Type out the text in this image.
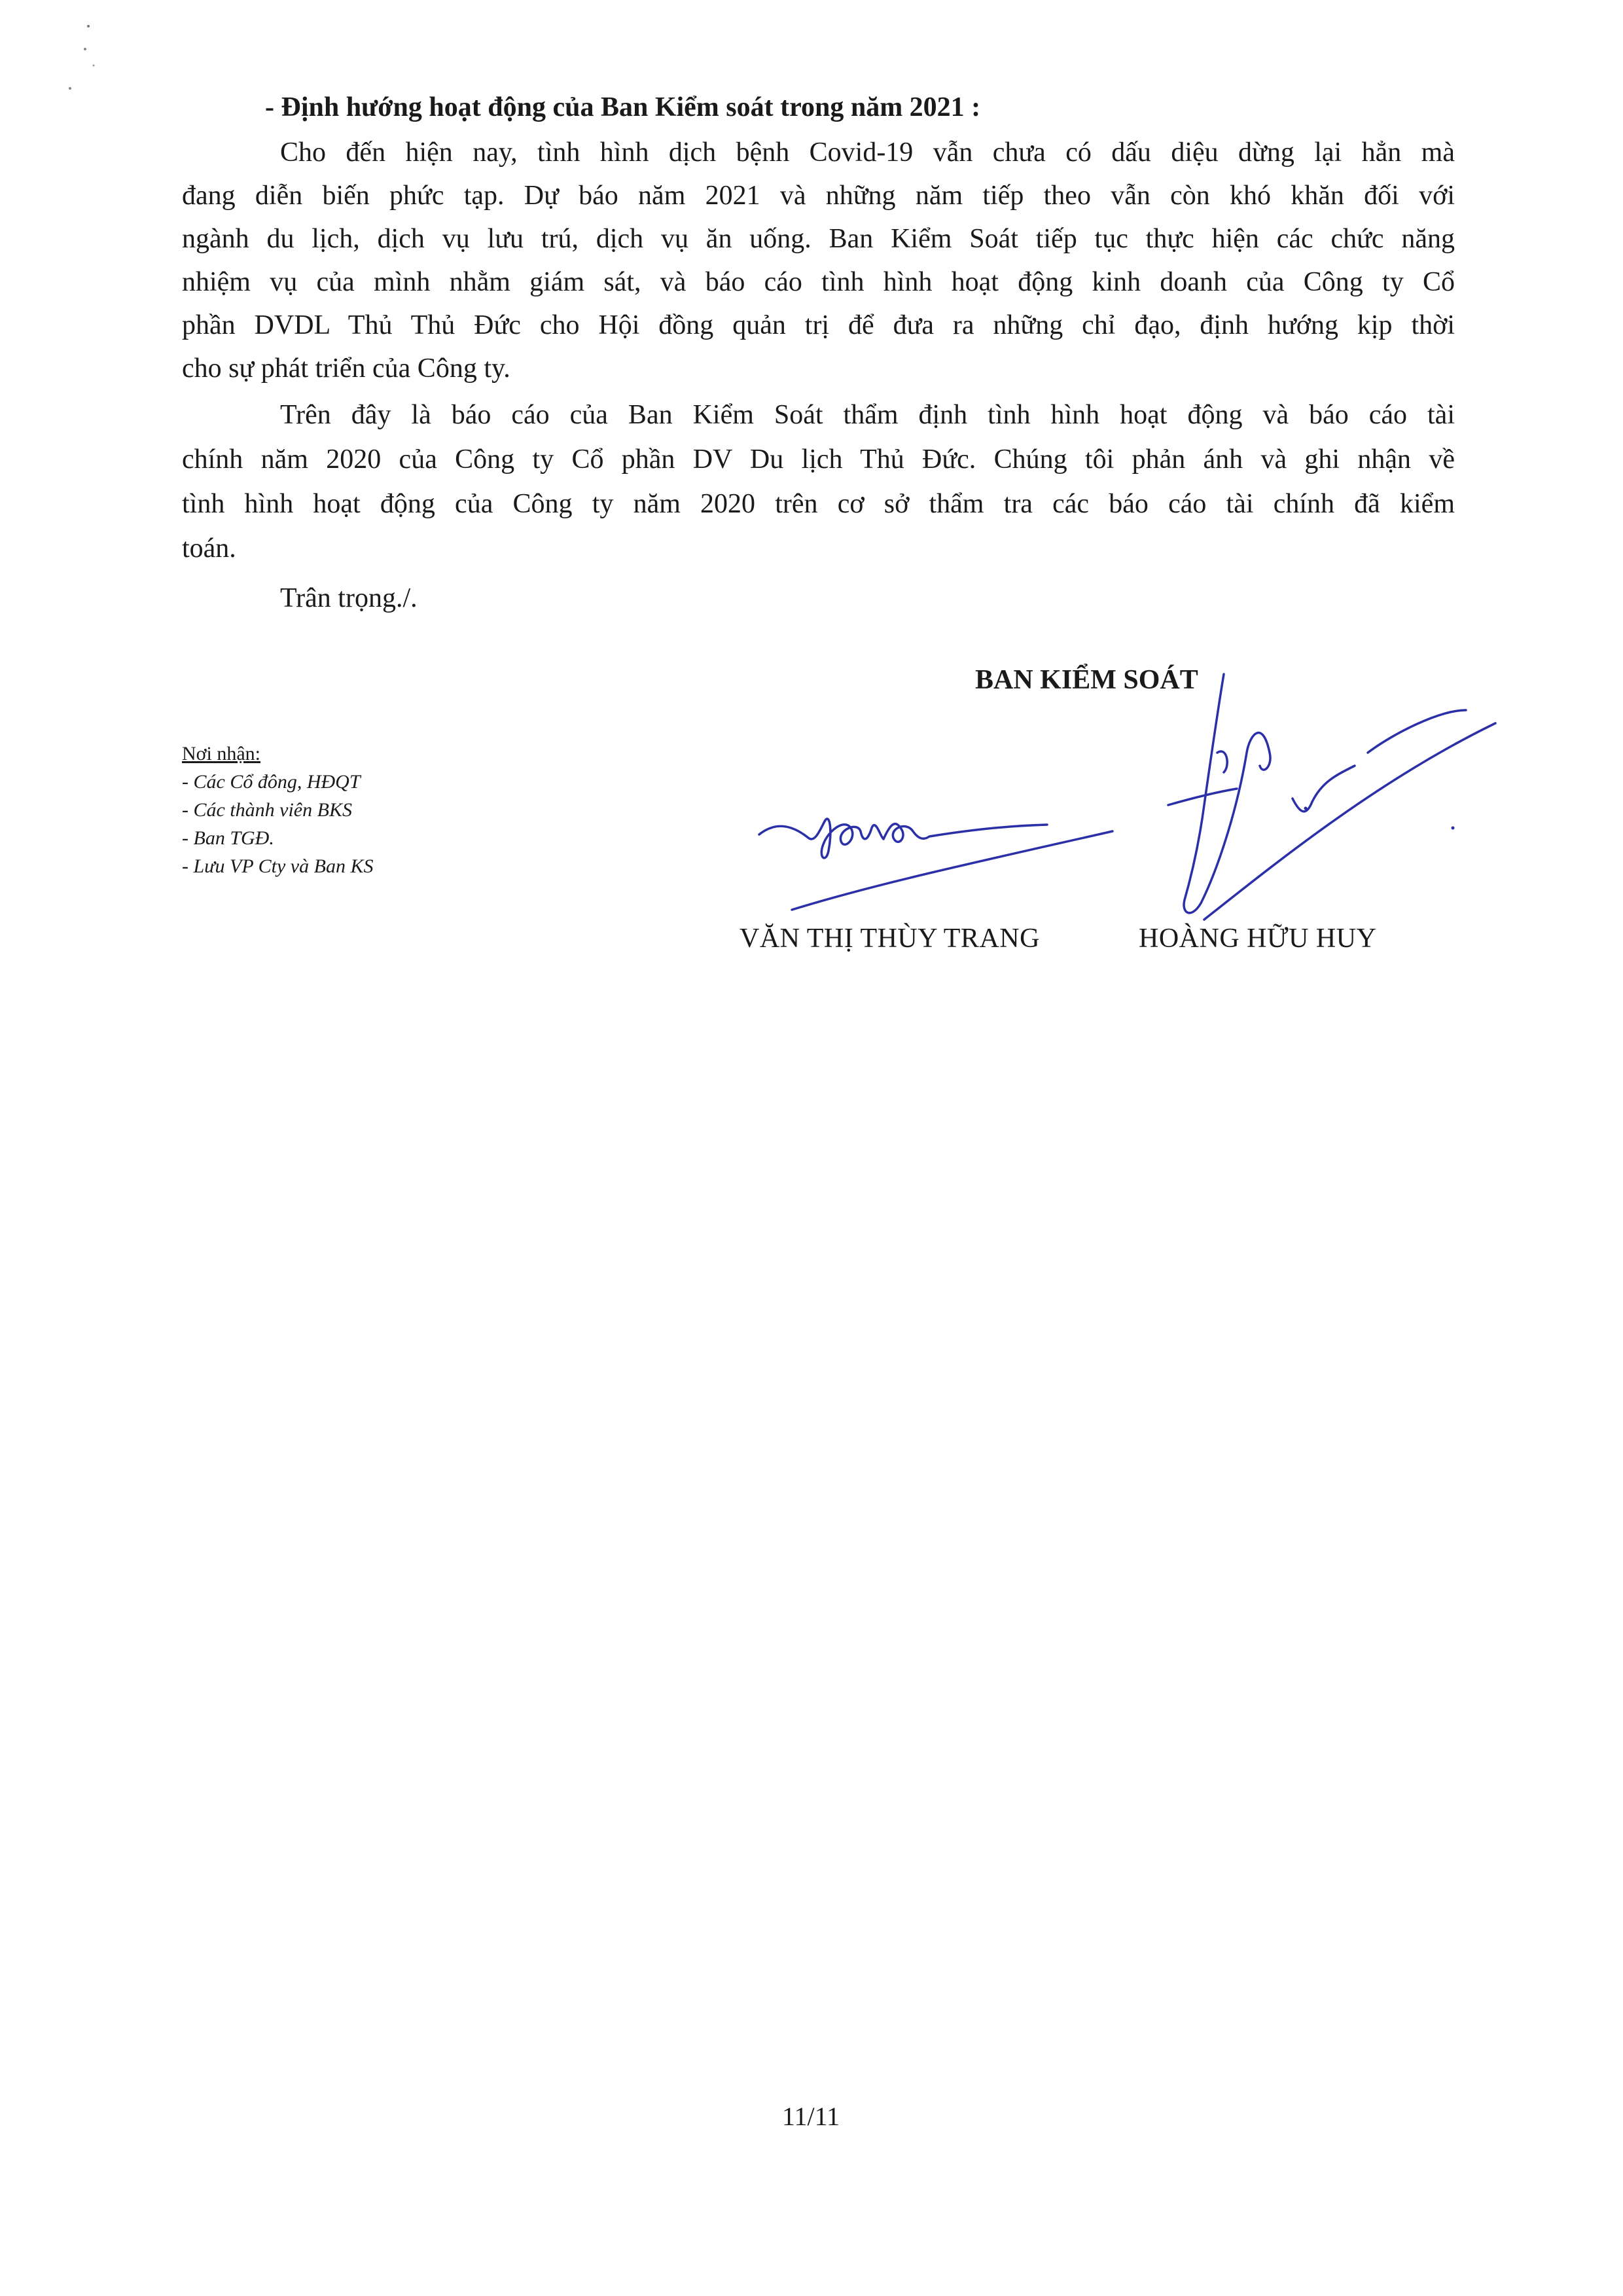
- Định hướng hoạt động của Ban Kiểm soát trong năm 2021 :
Cho đến hiện nay, tình hình dịch bệnh Covid-19 vẫn chưa có dấu diệu dừng lại hẳn mà
đang diễn biến phức tạp. Dự báo năm 2021 và những năm tiếp theo vẫn còn khó khăn đối với
ngành du lịch, dịch vụ lưu trú, dịch vụ ăn uống. Ban Kiểm Soát tiếp tục thực hiện các chức năng
nhiệm vụ của mình nhằm giám sát, và báo cáo tình hình hoạt động kinh doanh của Công ty Cổ
phần DVDL Thủ Thủ Đức cho Hội đồng quản trị để đưa ra những chỉ đạo, định hướng kịp thời
cho sự phát triển của Công ty.
Trên đây là báo cáo của Ban Kiểm Soát thẩm định tình hình hoạt động và báo cáo tài
chính năm 2020 của Công ty Cổ phần DV Du lịch Thủ Đức. Chúng tôi phản ánh và ghi nhận về
tình hình hoạt động của Công ty năm 2020 trên cơ sở thẩm tra các báo cáo tài chính đã kiểm
toán.
Trân trọng./.
BAN KIỂM SOÁT
Nơi nhận:
- Các Cổ đông, HĐQT
- Các thành viên BKS
- Ban TGĐ.
- Lưu VP Cty và Ban KS
VĂN THỊ THÙY TRANG	HOÀNG HỮU HUY
11/11
